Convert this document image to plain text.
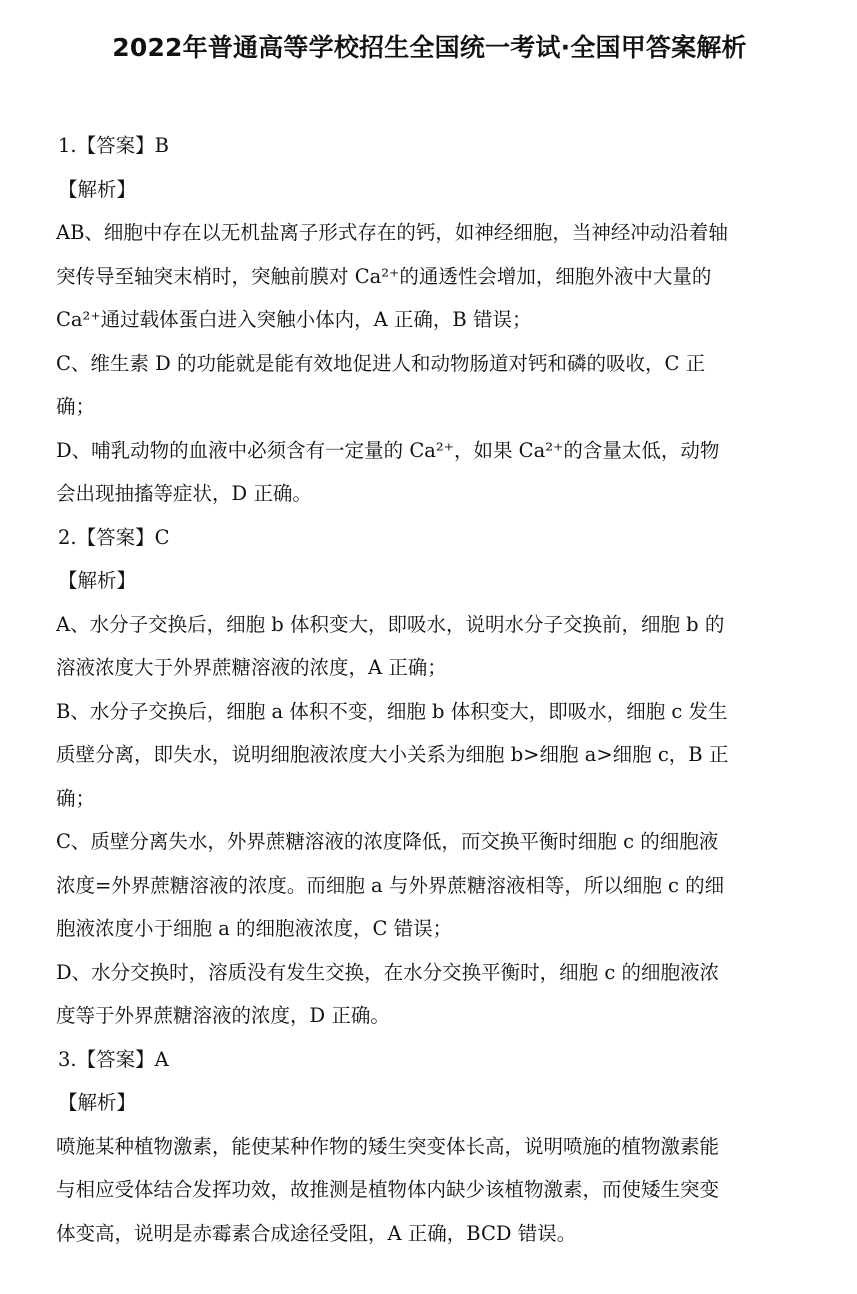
2022年普通高等学校招生全国统一考试·全国甲答案解析
1.【答案】B
【解析】
AB、细胞中存在以无机盐离子形式存在的钙，如神经细胞，当神经冲动沿着轴
突传导至轴突末梢时，突触前膜对 Ca²⁺的通透性会增加，细胞外液中大量的
Ca²⁺通过载体蛋白进入突触小体内，A 正确，B 错误；
C、维生素 D 的功能就是能有效地促进人和动物肠道对钙和磷的吸收，C 正
确；
D、哺乳动物的血液中必须含有一定量的 Ca²⁺，如果 Ca²⁺的含量太低，动物
会出现抽搐等症状，D 正确。
2.【答案】C
【解析】
A、水分子交换后，细胞 b 体积变大，即吸水，说明水分子交换前，细胞 b 的
溶液浓度大于外界蔗糖溶液的浓度，A 正确；
B、水分子交换后，细胞 a 体积不变，细胞 b 体积变大，即吸水，细胞 c 发生
质壁分离，即失水，说明细胞液浓度大小关系为细胞 b>细胞 a>细胞 c，B 正
确；
C、质壁分离失水，外界蔗糖溶液的浓度降低，而交换平衡时细胞 c 的细胞液
浓度=外界蔗糖溶液的浓度。而细胞 a 与外界蔗糖溶液相等，所以细胞 c 的细
胞液浓度小于细胞 a 的细胞液浓度，C 错误；
D、水分交换时，溶质没有发生交换，在水分交换平衡时，细胞 c 的细胞液浓
度等于外界蔗糖溶液的浓度，D 正确。
3.【答案】A
【解析】
喷施某种植物激素，能使某种作物的矮生突变体长高，说明喷施的植物激素能
与相应受体结合发挥功效，故推测是植物体内缺少该植物激素，而使矮生突变
体变高，说明是赤霉素合成途径受阻，A 正确，BCD 错误。
